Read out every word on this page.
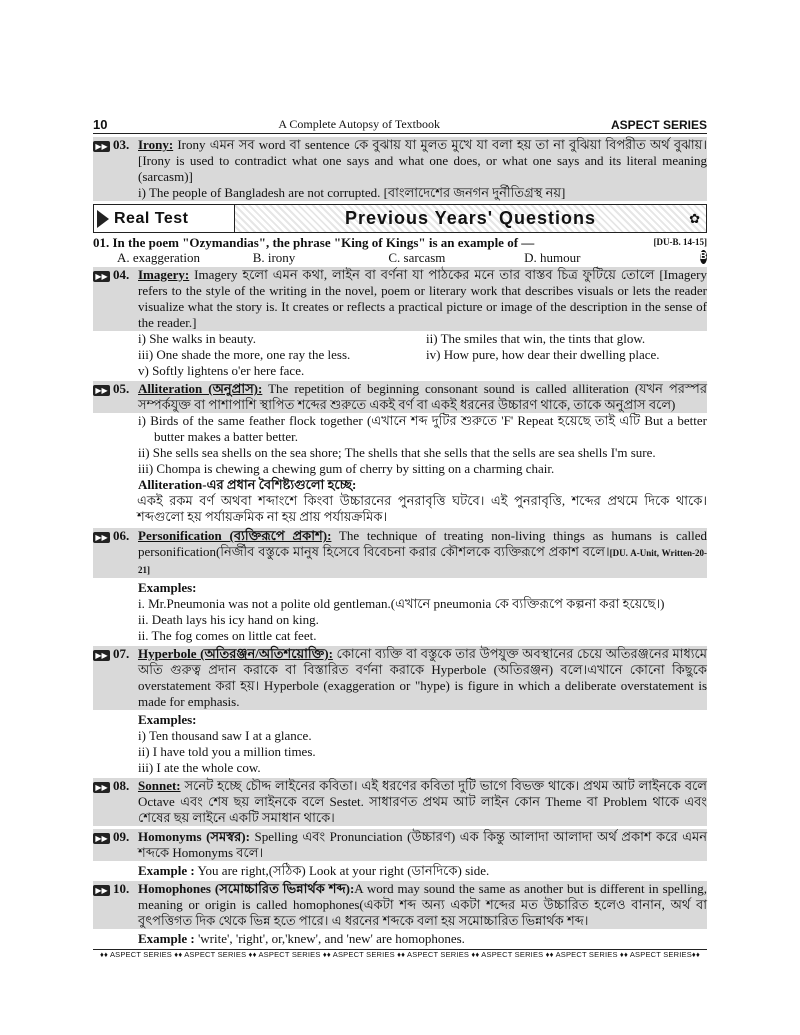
10	A Complete Autopsy of Textbook	ASPECT SERIES
▶▶ 03. Irony: Irony এমন সব word বা sentence কে বুঝায় যা মুলত মুখে যা বলা হয় তা না বুঝিয়া বিপরীত অর্থ বুঝায়। [Irony is used to contradict what one says and what one does, or what one says and its literal meaning (sarcasm)]
i) The people of Bangladesh are not corrupted. [বাংলাদেশের জনগন দুর্নীতিগ্রস্থ নয়]
Real Test	Previous Years' Questions	✿
01. In the poem "Ozymandias", the phrase "King of Kings" is an example of —	[DU-B. 14-15]
A. exaggeration	B. irony	C. sarcasm	D. humour	B
▶▶ 04. Imagery: Imagery হলো এমন কথা, লাইন বা বর্ণনা যা পাঠকের মনে তার বাস্তব চিত্র ফুটিয়ে তোলে [Imagery refers to the style of the writing in the novel, poem or literary work that describes visuals or lets the reader visualize what the story is. It creates or reflects a practical picture or image of the description in the sense of the reader.]
i) She walks in beauty.	ii) The smiles that win, the tints that glow.
iii) One shade the more, one ray the less.	iv) How pure, how dear their dwelling place.
v) Softly lightens o'er here face.
▶▶ 05. Alliteration (অনুপ্রাস): The repetition of beginning consonant sound is called alliteration (যখন পরস্পর সম্পর্কযুক্ত বা পাশাপাশি স্থাপিত শব্দের শুরুতে একই বর্ণ বা একই ধরনের উচ্চারণ থাকে, তাকে অনুপ্রাস বলে)
i) Birds of the same feather flock together (এখানে শব্দ দুটির শুরুতে 'F' Repeat হয়েছে তাই এটি But a better butter makes a batter better.
ii) She sells sea shells on the sea shore; The shells that she sells that the sells are sea shells I'm sure.
iii) Chompa is chewing a chewing gum of cherry by sitting on a charming chair.
Alliteration-এর প্রধান বৈশিষ্ট্যগুলো হচ্ছে:
একই রকম বর্ণ অথবা শব্দাংশে কিংবা উচ্চারনের পুনরাবৃত্তি ঘটবে। এই পুনরাবৃত্তি, শব্দের প্রথমে দিকে থাকে। শব্দগুলো হয় পর্যায়ক্রমিক না হয় প্রায় পর্যায়ক্রমিক।
▶▶ 06. Personification (ব্যক্তিরূপে প্রকাশ): The technique of treating non-living things as humans is called personification(নির্জীব বস্তুকে মানুষ হিসেবে বিবেচনা করার কৌশলকে ব্যক্তিরূপে প্রকাশ বলে।[DU. A-Unit, Written-20-21]
Examples:
i. Mr.Pneumonia was not a polite old gentleman.(এখানে pneumonia কে ব্যক্তিরূপে কল্পনা করা হয়েছে।)
ii. Death lays his icy hand on king.
ii. The fog comes on little cat feet.
▶▶ 07. Hyperbole (অতিরঞ্জন/অতিশয়োক্তি): কোনো ব্যক্তি বা বস্তুকে তার উপযুক্ত অবস্থানের চেয়ে অতিরঞ্জনের মাধ্যমে অতি গুরুত্ব প্রদান করাকে বা বিস্তারিত বর্ণনা করাকে Hyperbole (অতিরঞ্জন) বলে।এখানে কোনো কিছুকে overstatement করা হয়। Hyperbole (exaggeration or "hype) is figure in which a deliberate overstatement is made for emphasis.
Examples:
i) Ten thousand saw I at a glance.
ii) I have told you a million times.
iii) I ate the whole cow.
▶▶ 08. Sonnet: সনেট হচ্ছে চৌদ্দ লাইনের কবিতা। এই ধরণের কবিতা দুটি ভাগে বিভক্ত থাকে। প্রথম আট লাইনকে বলে Octave এবং শেষ ছয় লাইনকে বলে Sestet. সাধারণত প্রথম আট লাইন কোন Theme বা Problem থাকে এবং শেষের ছয় লাইনে একটি সমাধান থাকে।
▶▶ 09. Homonyms (সমস্বর): Spelling এবং Pronunciation (উচ্চারণ) এক কিন্তু আলাদা আলাদা অর্থ প্রকাশ করে এমন শব্দকে Homonyms বলে।
Example : You are right,(সঠিক) Look at your right (ডানদিকে) side.
▶▶ 10. Homophones (সমোচ্চারিত ভিন্নার্থক শব্দ):A word may sound the same as another but is different in spelling, meaning or origin is called homophones(একটা শব্দ অন্য একটা শব্দের মত উচ্চারিত হলেও বানান, অর্থ বা বুৎপত্তিগত দিক থেকে ভিন্ন হতে পারে। এ ধরনের শব্দকে বলা হয় সমোচ্চারিত ভিন্নার্থক শব্দ।
Example : 'write', 'right', or,'knew', and 'new' are homophones.
♦♦ ASPECT SERIES ♦♦ ASPECT SERIES ♦♦ ASPECT SERIES ♦♦ ASPECT SERIES ♦♦ ASPECT SERIES ♦♦ ASPECT SERIES ♦♦ ASPECT SERIES ♦♦ ASPECT SERIES♦♦
